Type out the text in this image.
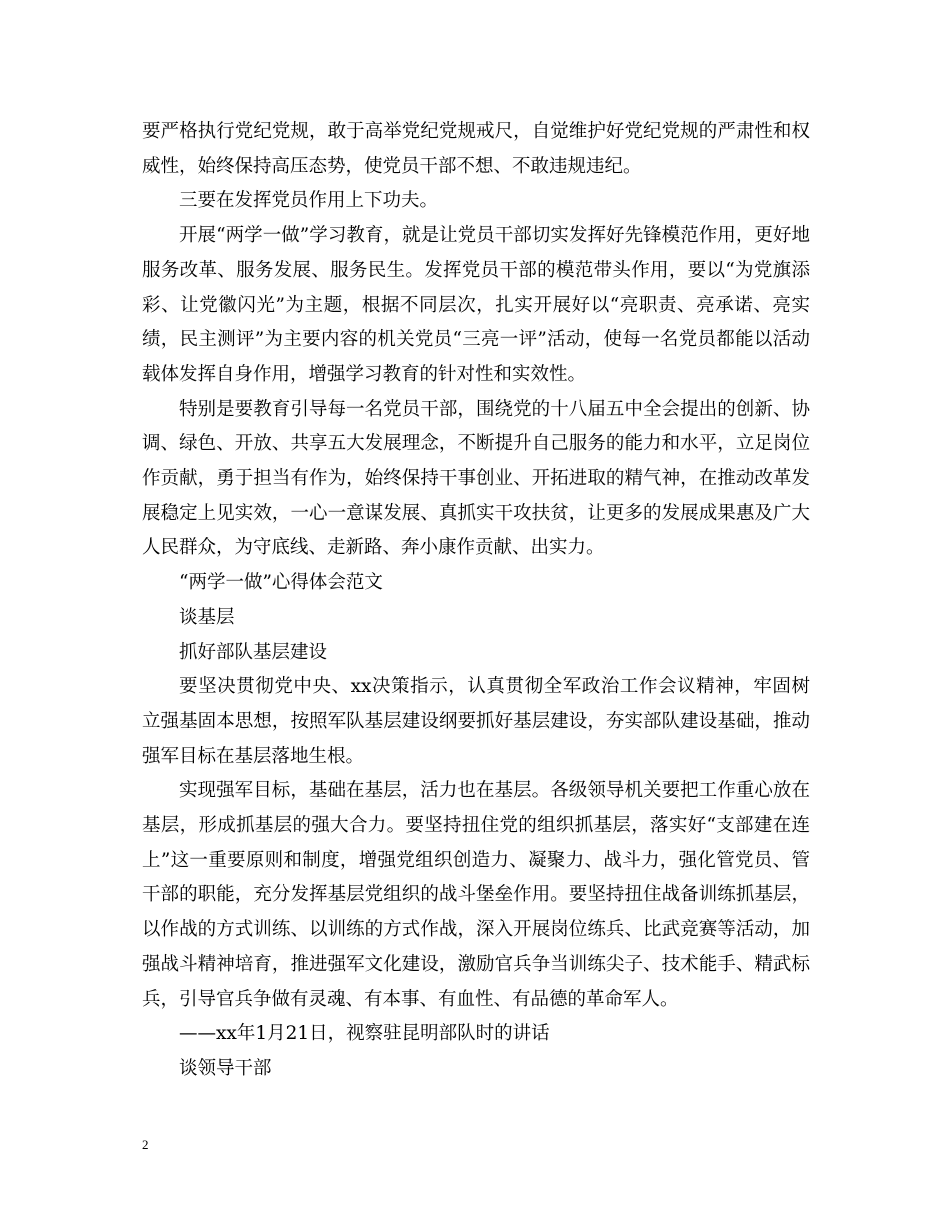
要严格执行党纪党规，敢于高举党纪党规戒尺，自觉维护好党纪党规的严肃性和权威性，始终保持高压态势，使党员干部不想、不敢违规违纪。

三要在发挥党员作用上下功夫。

开展“两学一做”学习教育，就是让党员干部切实发挥好先锋模范作用，更好地服务改革、服务发展、服务民生。发挥党员干部的模范带头作用，要以“为党旗添彩、让党徽闪光”为主题，根据不同层次，扎实开展好以“亮职责、亮承诺、亮实绩，民主测评”为主要内容的机关党员“三亮一评”活动，使每一名党员都能以活动载体发挥自身作用，增强学习教育的针对性和实效性。

特别是要教育引导每一名党员干部，围绕党的十八届五中全会提出的创新、协调、绿色、开放、共享五大发展理念，不断提升自己服务的能力和水平，立足岗位作贡献，勇于担当有作为，始终保持干事创业、开拓进取的精气神，在推动改革发展稳定上见实效，一心一意谋发展、真抓实干攻扶贫，让更多的发展成果惠及广大人民群众，为守底线、走新路、奔小康作贡献、出实力。

“两学一做”心得体会范文

谈基层

抓好部队基层建设

要坚决贯彻党中央、xx决策指示，认真贯彻全军政治工作会议精神，牢固树立强基固本思想，按照军队基层建设纲要抓好基层建设，夯实部队建设基础，推动强军目标在基层落地生根。

实现强军目标，基础在基层，活力也在基层。各级领导机关要把工作重心放在基层，形成抓基层的强大合力。要坚持扭住党的组织抓基层，落实好“支部建在连上”这一重要原则和制度，增强党组织创造力、凝聚力、战斗力，强化管党员、管干部的职能，充分发挥基层党组织的战斗堡垒作用。要坚持扭住战备训练抓基层，以作战的方式训练、以训练的方式作战，深入开展岗位练兵、比武竞赛等活动，加强战斗精神培育，推进强军文化建设，激励官兵争当训练尖子、技术能手、精武标兵，引导官兵争做有灵魂、有本事、有血性、有品德的革命军人。

——xx年1月21日，视察驻昆明部队时的讲话

谈领导干部

2
